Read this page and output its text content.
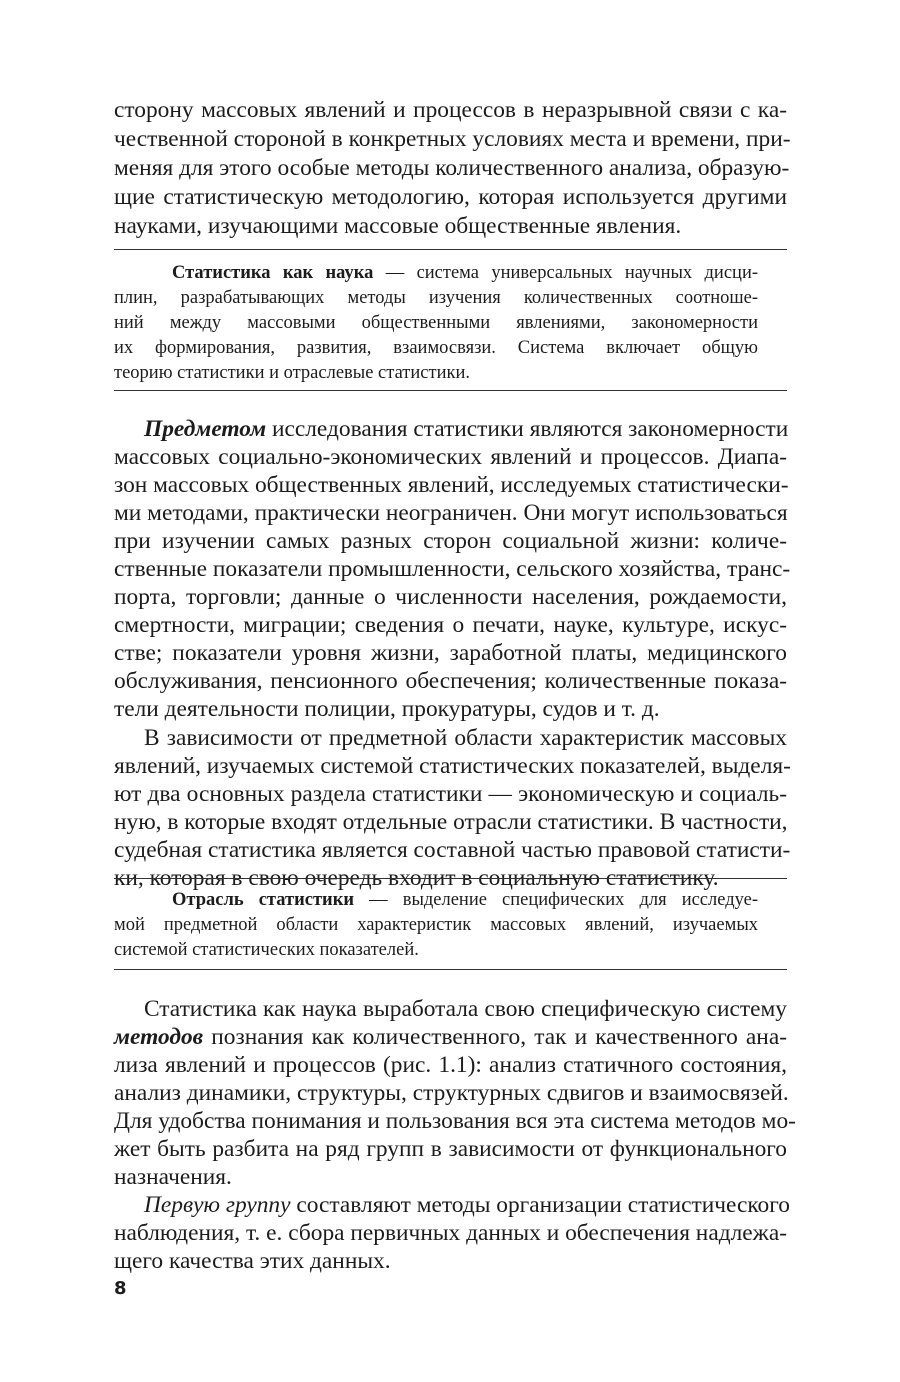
сторону массовых явлений и процессов в неразрывной связи с ка-
чественной стороной в конкретных условиях места и времени, при-
меняя для этого особые методы количественного анализа, образую-
щие статистическую методологию, которая используется другими
науками, изучающими массовые общественные явления.
Статистика как наука — система универсальных научных дисци-
плин, разрабатывающих методы изучения количественных соотноше-
ний между массовыми общественными явлениями, закономерности
их формирования, развития, взаимосвязи. Система включает общую
теорию статистики и отраслевые статистики.
Предметом исследования статистики являются закономерности
массовых социально-экономических явлений и процессов. Диапа-
зон массовых общественных явлений, исследуемых статистически-
ми методами, практически неограничен. Они могут использоваться
при изучении самых разных сторон социальной жизни: количе-
ственные показатели промышленности, сельского хозяйства, транс-
порта, торговли; данные о численности населения, рождаемости,
смертности, миграции; сведения о печати, науке, культуре, искус-
стве; показатели уровня жизни, заработной платы, медицинского
обслуживания, пенсионного обеспечения; количественные показа-
тели деятельности полиции, прокуратуры, судов и т. д.
В зависимости от предметной области характеристик массовых
явлений, изучаемых системой статистических показателей, выделя-
ют два основных раздела статистики — экономическую и социаль-
ную, в которые входят отдельные отрасли статистики. В частности,
судебная статистика является составной частью правовой статисти-
ки, которая в свою очередь входит в социальную статистику.
Отрасль статистики — выделение специфических для исследуе-
мой предметной области характеристик массовых явлений, изучаемых
системой статистических показателей.
Статистика как наука выработала свою специфическую систему
методов познания как количественного, так и качественного ана-
лиза явлений и процессов (рис. 1.1): анализ статичного состояния,
анализ динамики, структуры, структурных сдвигов и взаимосвязей.
Для удобства понимания и пользования вся эта система методов мо-
жет быть разбита на ряд групп в зависимости от функционального
назначения.
Первую группу составляют методы организации статистического
наблюдения, т. е. сбора первичных данных и обеспечения надлежа-
щего качества этих данных.
8
